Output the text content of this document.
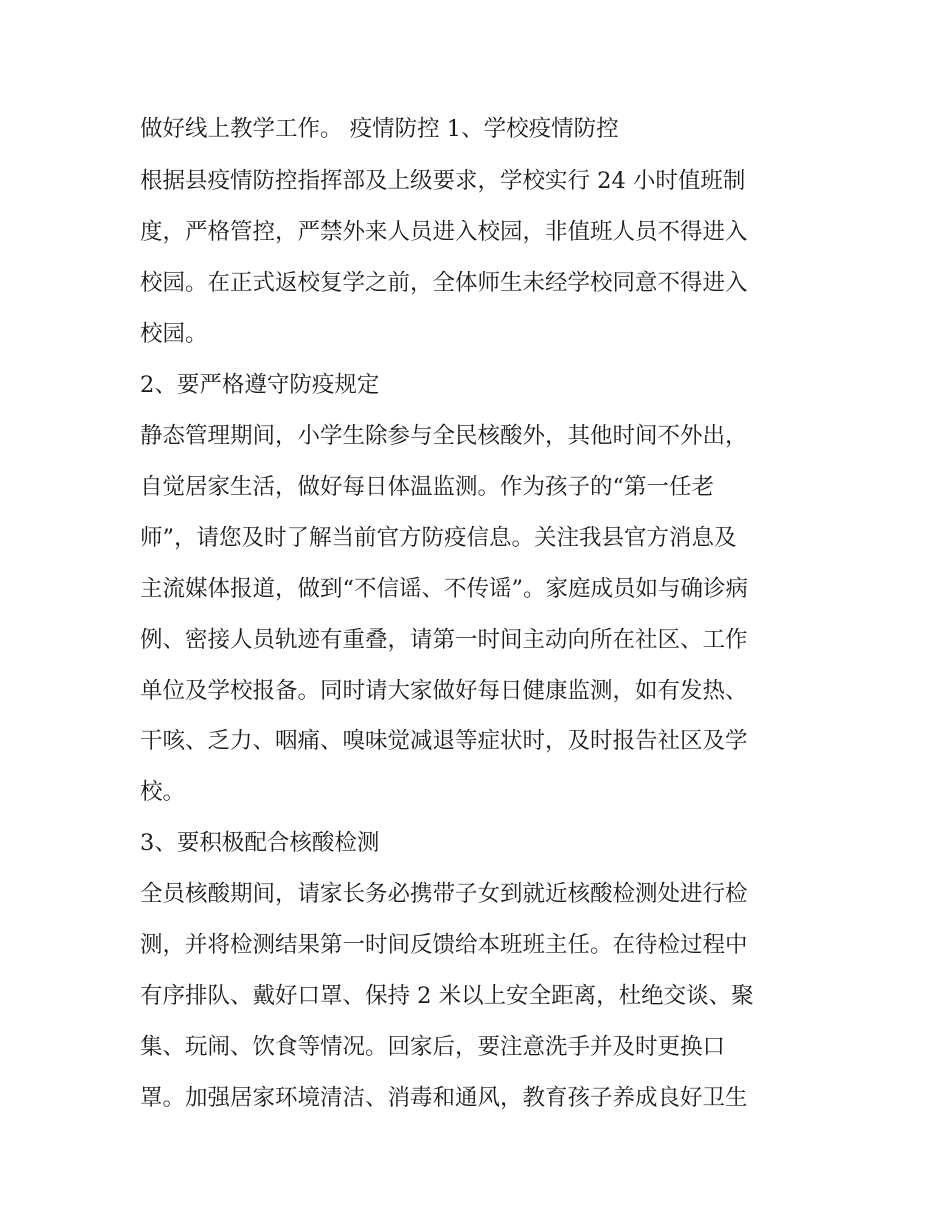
做好线上教学工作。 疫情防控 1、学校疫情防控
根据县疫情防控指挥部及上级要求，学校实行 24 小时值班制
度，严格管控，严禁外来人员进入校园，非值班人员不得进入
校园。在正式返校复学之前，全体师生未经学校同意不得进入
校园。
2、要严格遵守防疫规定
静态管理期间，小学生除参与全民核酸外，其他时间不外出，
自觉居家生活，做好每日体温监测。作为孩子的“第一任老
师”，请您及时了解当前官方防疫信息。关注我县官方消息及
主流媒体报道，做到“不信谣、不传谣”。家庭成员如与确诊病
例、密接人员轨迹有重叠，请第一时间主动向所在社区、工作
单位及学校报备。同时请大家做好每日健康监测，如有发热、
干咳、乏力、咽痛、嗅味觉减退等症状时，及时报告社区及学
校。
3、要积极配合核酸检测
全员核酸期间，请家长务必携带子女到就近核酸检测处进行检
测，并将检测结果第一时间反馈给本班班主任。在待检过程中
有序排队、戴好口罩、保持 2 米以上安全距离，杜绝交谈、聚
集、玩闹、饮食等情况。回家后，要注意洗手并及时更换口
罩。加强居家环境清洁、消毒和通风，教育孩子养成良好卫生
